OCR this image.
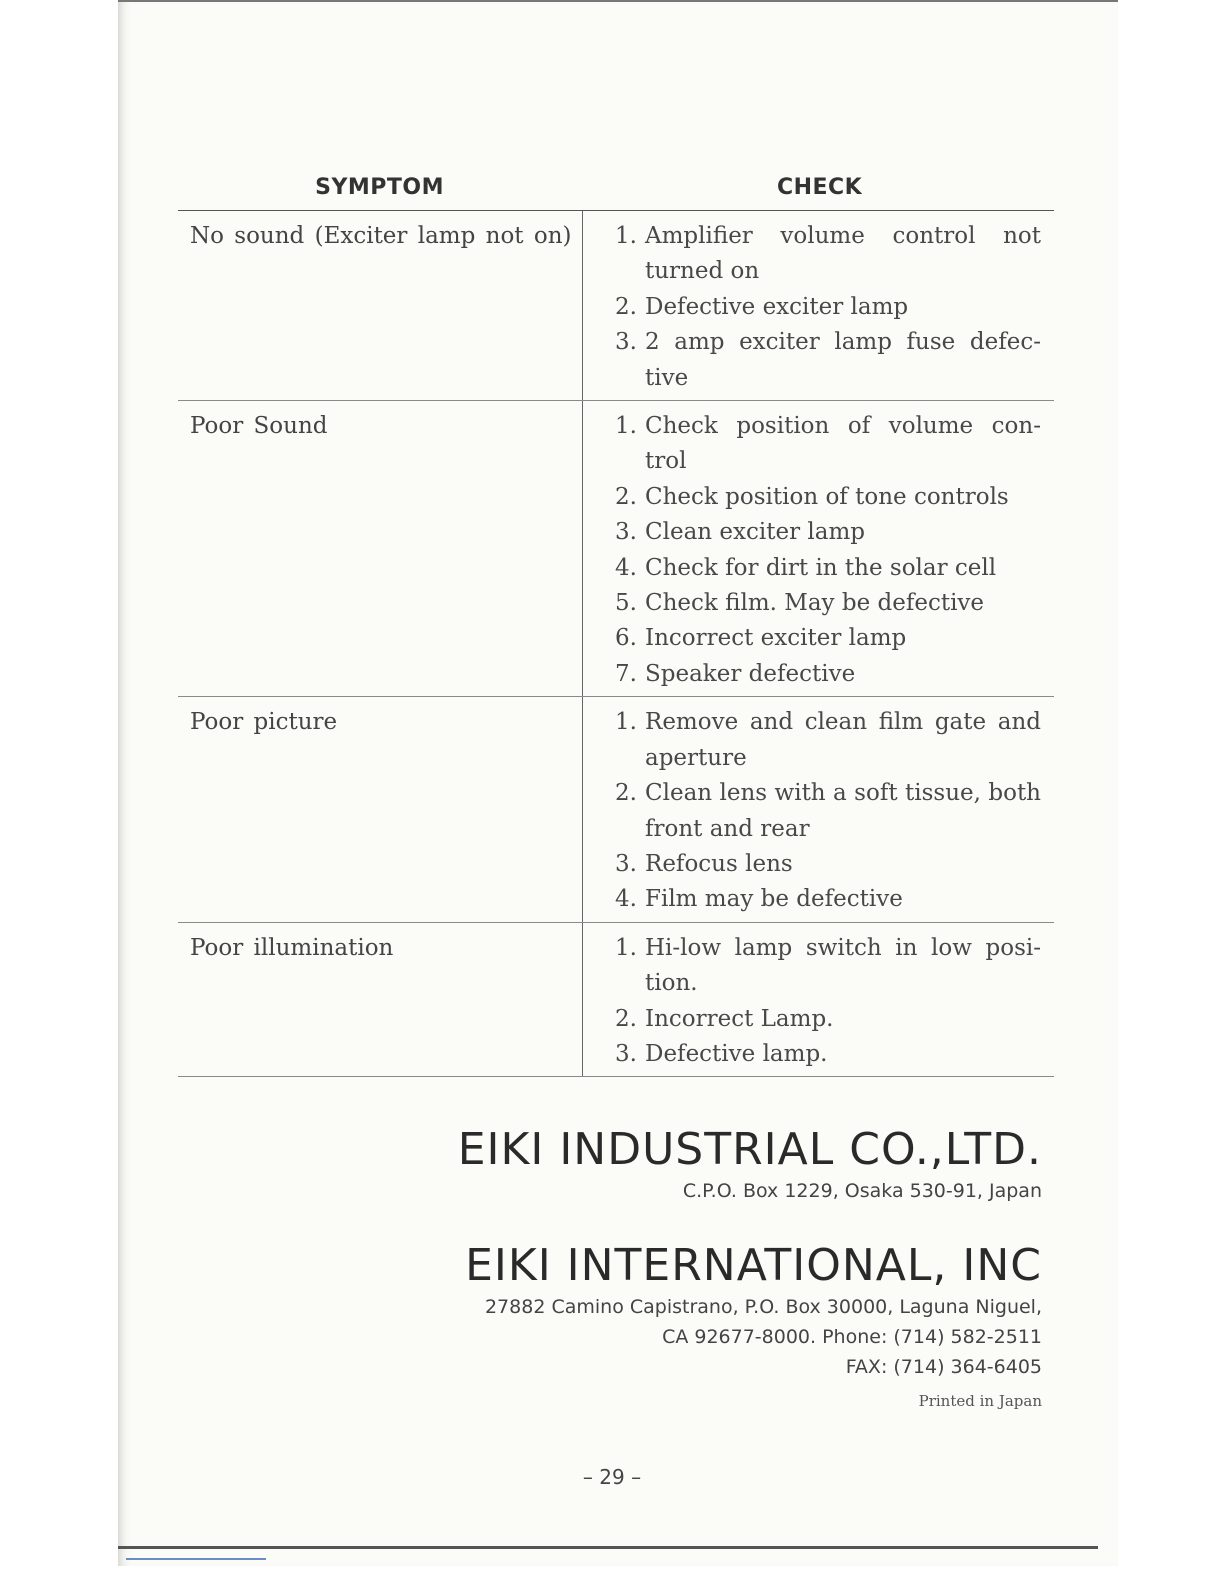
SYMPTOM	CHECK
No sound (Exciter lamp not on)	1. Amplifier volume control not turned on
2. Defective exciter lamp
3. 2 amp exciter lamp fuse defec- tive
Poor Sound	1. Check position of volume con- trol
2. Check position of tone controls
3. Clean exciter lamp
4. Check for dirt in the solar cell
5. Check film. May be defective
6. Incorrect exciter lamp
7. Speaker defective
Poor picture	1. Remove and clean film gate and aperture
2. Clean lens with a soft tissue, both front and rear
3. Refocus lens
4. Film may be defective
Poor illumination	1. Hi-low lamp switch in low posi- tion.
2. Incorrect Lamp.
3. Defective lamp.
EIKI INDUSTRIAL CO.,LTD.
C.P.O. Box 1229, Osaka 530-91, Japan
EIKI INTERNATIONAL, INC
27882 Camino Capistrano, P.O. Box 30000, Laguna Niguel,
CA 92677-8000. Phone: (714) 582-2511
FAX: (714) 364-6405
Printed in Japan
– 29 –
